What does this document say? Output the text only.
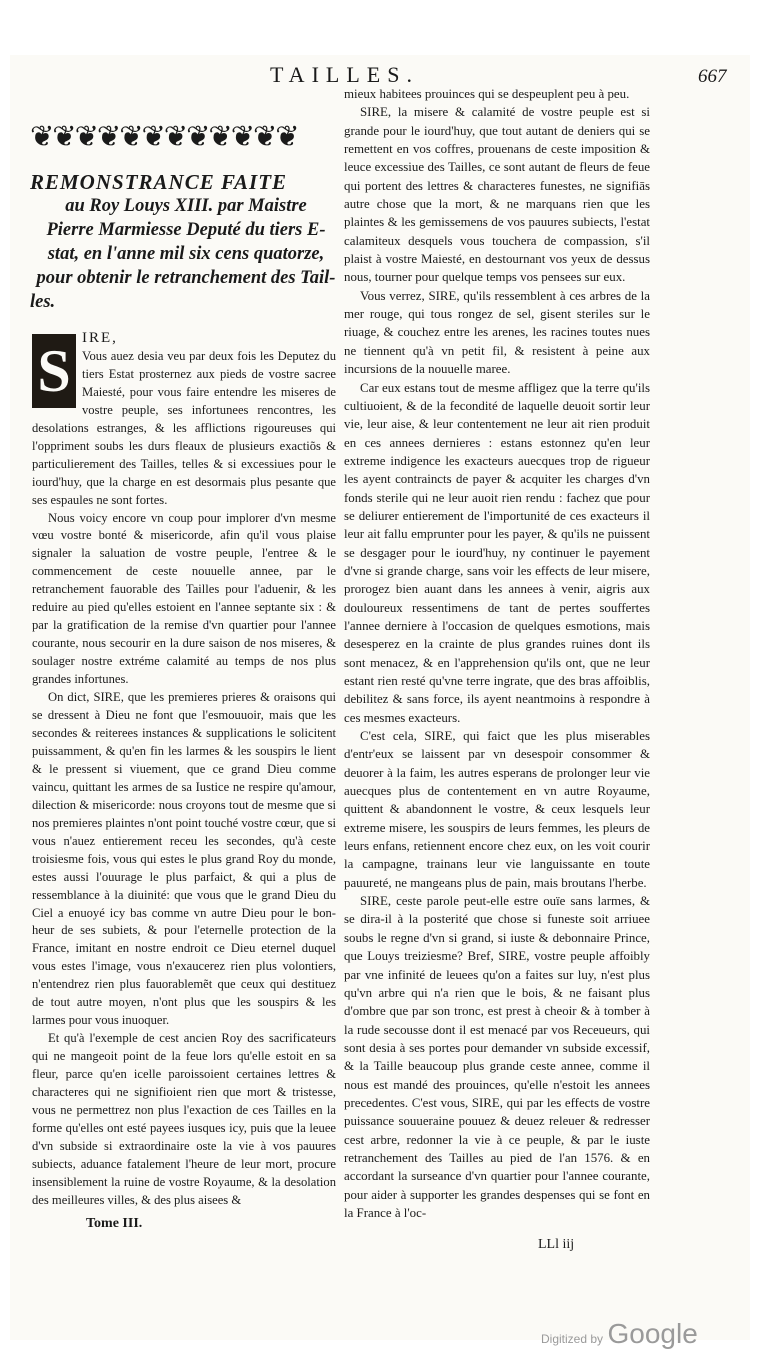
TAILLES.	667
❦❦❦❦❦❦❦❦❦❦❦❦
REMONSTRANCE FAITE
au Roy Louys XIII. par Maistre
Pierre Marmiesse Deputé du tiers E-
stat, en l'anne mil six cens quatorze,
pour obtenir le retranchement des Tail-
les.
S IRE,

Vous auez desia veu par deux fois les Deputez du tiers Estat prosternez aux pieds de vostre sacree Maiesté, pour vous faire entendre les miseres de vostre peuple, ses infortunees rencontres, les desolations estranges, & les afflictions rigoureuses qui l'oppriment soubs les durs fleaux de plusieurs exactiõs & particulierement des Tailles, telles & si excessiues pour le iourd'huy, que la charge en est desormais plus pesante que ses espaules ne sont fortes.

Nous voicy encore vn coup pour implorer d'vn mesme vœu vostre bonté & misericorde, afin qu'il vous plaise signaler la saluation de vostre peuple, l'entree & le commencement de ceste nouuelle annee, par le retranchement fauorable des Tailles pour l'aduenir, & les reduire au pied qu'elles estoient en l'annee septante six : & par la gratification de la remise d'vn quartier pour l'annee courante, nous secourir en la dure saison de nos miseres, & soulager nostre extréme calamité au temps de nos plus grandes infortunes.

On dict, SIRE, que les premieres prieres & oraisons qui se dressent à Dieu ne font que l'esmouuoir, mais que les secondes & reiterees instances & supplications le solicitent puissamment, & qu'en fin les larmes & les souspirs le lient & le pressent si viuement, que ce grand Dieu comme vaincu, quittant les armes de sa Iustice ne respire qu'amour, dilection & misericorde: nous croyons tout de mesme que si nos premieres plaintes n'ont point touché vostre cœur, que si vous n'auez entierement receu les secondes, qu'à ceste troisiesme fois, vous qui estes le plus grand Roy du monde, estes aussi l'ouurage le plus parfaict, & qui a plus de ressemblance à la diuinité: que vous que le grand Dieu du Ciel a enuoyé icy bas comme vn autre Dieu pour le bon-heur de ses subiets, & pour l'eternelle protection de la France, imitant en nostre endroit ce Dieu eternel duquel vous estes l'image, vous n'exaucerez rien plus volontiers, n'entendrez rien plus fauorablemẽt que ceux qui destituez de tout autre moyen, n'ont plus que les souspirs & les larmes pour vous inuoquer.

Et qu'à l'exemple de cest ancien Roy des sacrificateurs qui ne mangeoit point de la feue lors qu'elle estoit en sa fleur, parce qu'en icelle paroissoient certaines lettres & characteres qui ne signifioient rien que mort & tristesse, vous ne permettrez non plus l'exaction de ces Tailles en la forme qu'elles ont esté payees iusques icy, puis que la leuee d'vn subside si extraordinaire oste la vie à vos pauures subiects, aduance fatalement l'heure de leur mort, procure insensiblement la ruine de vostre Royaume, & la desolation des meilleures villes, & des plus aisees &

mieux habitees prouinces qui se despeuplent peu à peu.

SIRE, la misere & calamité de vostre peuple est si grande pour le iourd'huy, que tout autant de deniers qui se remettent en vos coffres, prouenans de ceste imposition & leuce excessiue des Tailles, ce sont autant de fleurs de feue qui portent des lettres & characteres funestes, ne signifiās autre chose que la mort, & ne marquans rien que les plaintes & les gemissemens de vos pauures subiects, l'estat calamiteux desquels vous touchera de compassion, s'il plaist à vostre Maiesté, en destournant vos yeux de dessus nous, tourner pour quelque temps vos pensees sur eux.

Vous verrez, SIRE, qu'ils ressemblent à ces arbres de la mer rouge, qui tous rongez de sel, gisent steriles sur le riuage, & couchez entre les arenes, les racines toutes nues ne tiennent qu'à vn petit fil, & resistent à peine aux incursions de la nouuelle maree.

Car eux estans tout de mesme affligez que la terre qu'ils cultiuoient, & de la fecondité de laquelle deuoit sortir leur vie, leur aise, & leur contentement ne leur ait rien produit en ces annees dernieres : estans estonnez qu'en leur extreme indigence les exacteurs auecques trop de rigueur les ayent contraincts de payer & acquiter les charges d'vn fonds sterile qui ne leur auoit rien rendu : fachez que pour se deliurer entierement de l'importunité de ces exacteurs il leur ait fallu emprunter pour les payer, & qu'ils ne puissent se desgager pour le iourd'huy, ny continuer le payement d'vne si grande charge, sans voir les effects de leur misere, prorogez bien auant dans les annees à venir, aigris aux douloureux ressentimens de tant de pertes souffertes l'annee derniere à l'occasion de quelques esmotions, mais desesperez en la crainte de plus grandes ruines dont ils sont menacez, & en l'apprehension qu'ils ont, que ne leur estant rien resté qu'vne terre ingrate, que des bras affoiblis, debilitez & sans force, ils ayent neantmoins à respondre à ces mesmes exacteurs.

C'est cela, SIRE, qui faict que les plus miserables d'entr'eux se laissent par vn desespoir consommer & deuorer à la faim, les autres esperans de prolonger leur vie auecques plus de contentement en vn autre Royaume, quittent & abandonnent le vostre, & ceux lesquels leur extreme misere, les souspirs de leurs femmes, les pleurs de leurs enfans, retiennent encore chez eux, on les voit courir la campagne, trainans leur vie languissante en toute pauureté, ne mangeans plus de pain, mais broutans l'herbe.

SIRE, ceste parole peut-elle estre ouïe sans larmes, & se dira-il à la posterité que chose si funeste soit arriuee soubs le regne d'vn si grand, si iuste & debonnaire Prince, que Louys treiziesme? Bref, SIRE, vostre peuple affoibly par vne infinité de leuees qu'on a faites sur luy, n'est plus qu'vn arbre qui n'a rien que le bois, & ne faisant plus d'ombre que par son tronc, est prest à cheoir & à tomber à la rude secousse dont il est menacé par vos Receueurs, qui sont desia à ses portes pour demander vn subside excessif, & la Taille beaucoup plus grande ceste annee, comme il nous est mandé des prouinces, qu'elle n'estoit les annees precedentes. C'est vous, SIRE, qui par les effects de vostre puissance souueraine pouuez & deuez releuer & redresser cest arbre, redonner la vie à ce peuple, & par le iuste retranchement des Tailles au pied de l'an 1576. & en accordant la surseance d'vn quartier pour l'annee courante, pour aider à supporter les grandes despenses qui se font en la France à l'oc-

Tome III.
LLl iij
Digitized by Google
